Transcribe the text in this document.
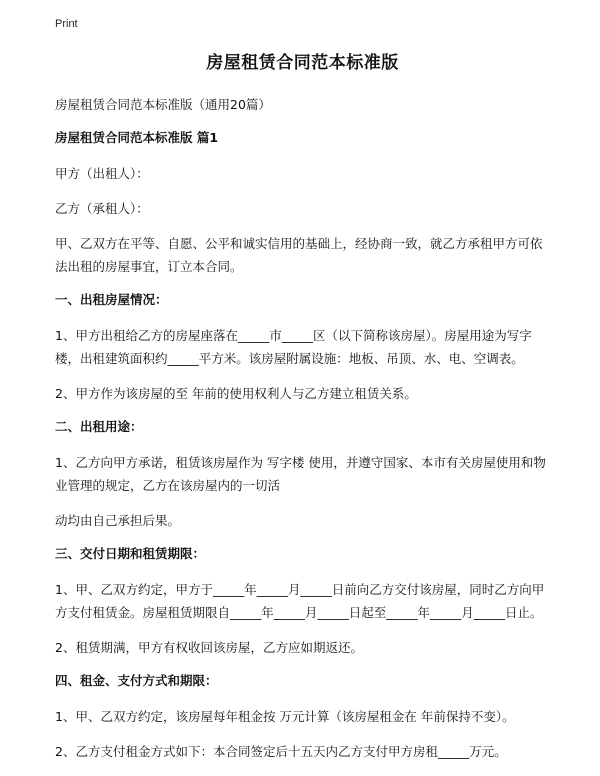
Print
房屋租赁合同范本标准版
房屋租赁合同范本标准版（通用20篇）
房屋租赁合同范本标准版 篇1
甲方（出租人）：
乙方（承租人）：
甲、乙双方在平等、自愿、公平和诚实信用的基础上，经协商一致，就乙方承租甲方可依法出租的房屋事宜，订立本合同。
一、出租房屋情况：
1、甲方出租给乙方的房屋座落在_____市_____区（以下简称该房屋）。房屋用途为写字楼，出租建筑面积约_____平方米。该房屋附属设施：地板、吊顶、水、电、空调表。
2、甲方作为该房屋的至 年前的使用权利人与乙方建立租赁关系。
二、出租用途：
1、乙方向甲方承诺，租赁该房屋作为 写字楼 使用，并遵守国家、本市有关房屋使用和物业管理的规定，乙方在该房屋内的一切活
动均由自己承担后果。
三、交付日期和租赁期限：
1、甲、乙双方约定，甲方于_____年_____月_____日前向乙方交付该房屋，同时乙方向甲方支付租赁金。房屋租赁期限自_____年_____月_____日起至_____年_____月_____日止。
2、租赁期满，甲方有权收回该房屋，乙方应如期返还。
四、租金、支付方式和期限：
1、甲、乙双方约定，该房屋每年租金按 万元计算（该房屋租金在 年前保持不变）。
2、乙方支付租金方式如下：本合同签定后十五天内乙方支付甲方房租_____万元。
